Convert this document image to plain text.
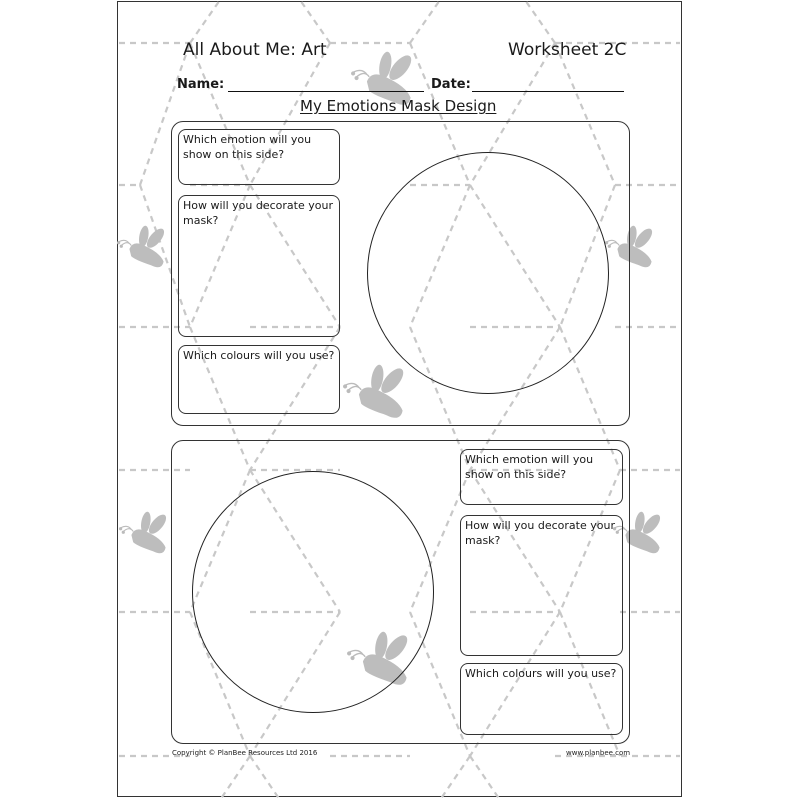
All About Me: Art	Worksheet 2C
Name:	Date:
My Emotions Mask Design
Which emotion will you show on this side?
How will you decorate your mask?
Which colours will you use?
Which emotion will you show on this side?
How will you decorate your mask?
Which colours will you use?
Copyright © PlanBee Resources Ltd 2016	www.planbee.com
